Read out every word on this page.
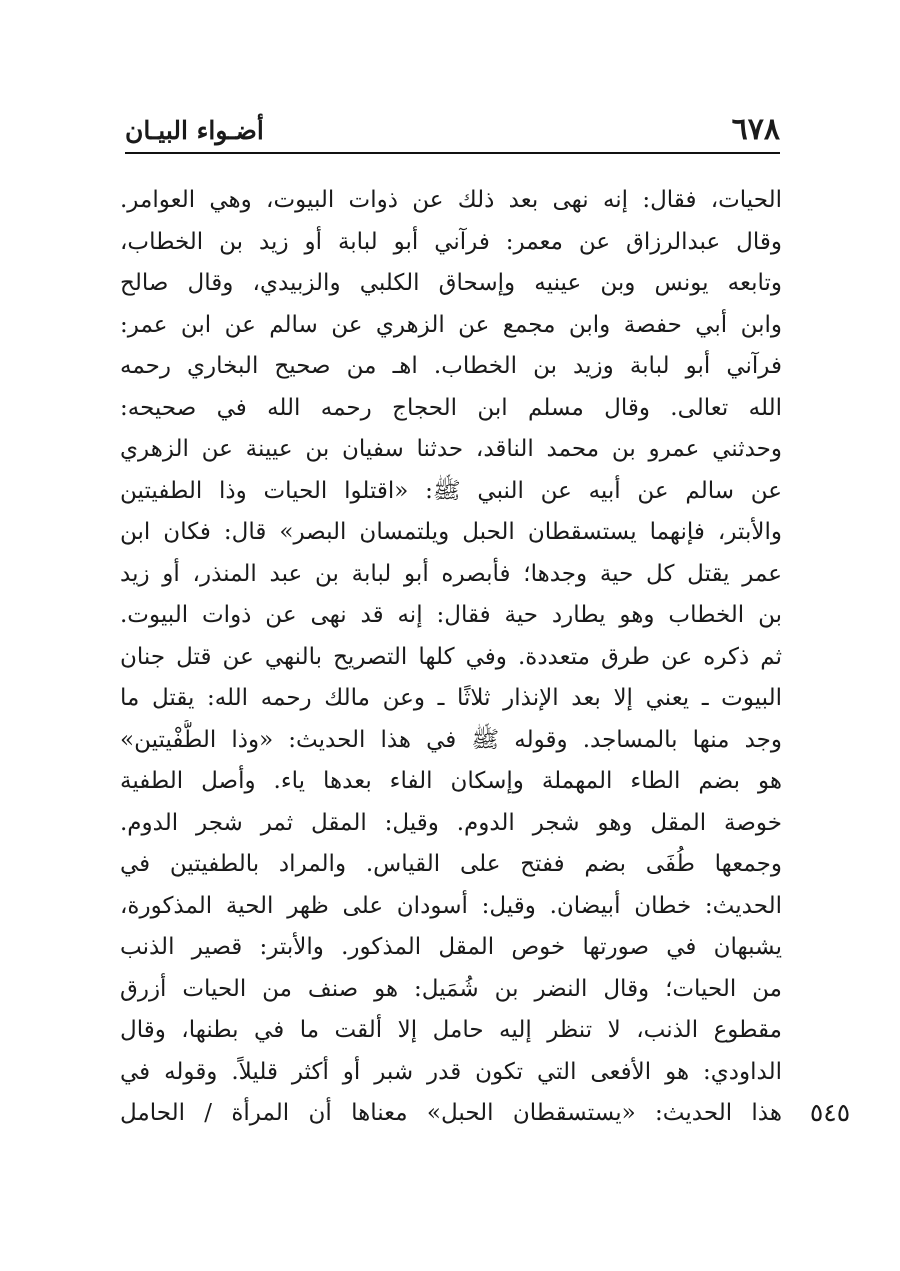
٦٧٨
أضـواء البيـان
الحيات، فقال: إنه نهى بعد ذلك عن ذوات البيوت، وهي العوامر.
وقال عبدالرزاق عن معمر: فرآني أبو لبابة أو زيد بن الخطاب،
وتابعه يونس وبن عينيه وإسحاق الكلبي والزبيدي، وقال صالح
وابن أبي حفصة وابن مجمع عن الزهري عن سالم عن ابن عمر:
فرآني أبو لبابة وزيد بن الخطاب. اهـ من صحيح البخاري رحمه
الله تعالى. وقال مسلم ابن الحجاج رحمه الله في صحيحه:
وحدثني عمرو بن محمد الناقد، حدثنا سفيان بن عيينة عن الزهري
عن سالم عن أبيه عن النبي ﷺ: «اقتلوا الحيات وذا الطفيتين
والأبتر، فإنهما يستسقطان الحبل ويلتمسان البصر» قال: فكان ابن
عمر يقتل كل حية وجدها؛ فأبصره أبو لبابة بن عبد المنذر، أو زيد
بن الخطاب وهو يطارد حية فقال: إنه قد نهى عن ذوات البيوت.
ثم ذكره عن طرق متعددة. وفي كلها التصريح بالنهي عن قتل جنان
البيوت ـ يعني إلا بعد الإنذار ثلاثًا ـ وعن مالك رحمه الله: يقتل ما
وجد منها بالمساجد. وقوله ﷺ في هذا الحديث: «وذا الطُّفْيتين»
هو بضم الطاء المهملة وإسكان الفاء بعدها ياء. وأصل الطفية
خوصة المقل وهو شجر الدوم. وقيل: المقل ثمر شجر الدوم.
وجمعها طُفَى بضم ففتح على القياس. والمراد بالطفيتين في
الحديث: خطان أبيضان. وقيل: أسودان على ظهر الحية المذكورة،
يشبهان في صورتها خوص المقل المذكور. والأبتر: قصير الذنب
من الحيات؛ وقال النضر بن شُمَيل: هو صنف من الحيات أزرق
مقطوع الذنب، لا تنظر إليه حامل إلا ألقت ما في بطنها، وقال
الداودي: هو الأفعى التي تكون قدر شبر أو أكثر قليلاً. وقوله في
هذا الحديث: «يستسقطان الحبل» معناها أن المرأة / الحامل	٥٤٥
